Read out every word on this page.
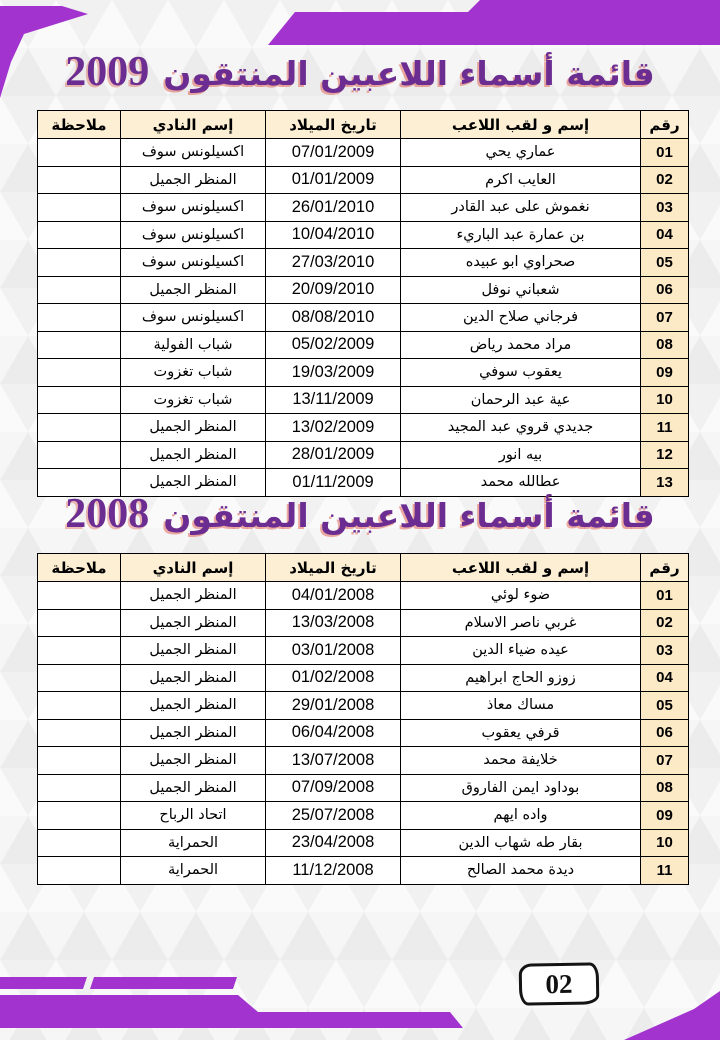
قائمة أسماء اللاعبين المنتقون
2009
رقم	إسم و لقب اللاعب	تاريخ الميلاد	إسم النادي	ملاحظة
01	عماري يحي	07/01/2009	اكسيلونس سوف	
02	العايب اكرم	01/01/2009	المنظر الجميل	
03	نغموش على عبد القادر	26/01/2010	اكسيلونس سوف	
04	بن عمارة عبد الباريء	10/04/2010	اكسيلونس سوف	
05	صحراوي ابو عبيده	27/03/2010	اكسيلونس سوف	
06	شعباني نوفل	20/09/2010	المنظر الجميل	
07	فرجاني صلاح الدين	08/08/2010	اكسيلونس سوف	
08	مراد محمد رياض	05/02/2009	شباب الفولية	
09	يعقوب سوفي	19/03/2009	شباب تغزوت	
10	عية عبد الرحمان	13/11/2009	شباب تغزوت	
11	جديدي قروي عبد المجيد	13/02/2009	المنظر الجميل	
12	بيه انور	28/01/2009	المنظر الجميل	
13	عطالله محمد	01/11/2009	المنظر الجميل	
قائمة أسماء اللاعبين المنتقون
2008
رقم	إسم و لقب اللاعب	تاريخ الميلاد	إسم النادي	ملاحظة
01	ضوء لوئي	04/01/2008	المنظر الجميل	
02	غربي ناصر الاسلام	13/03/2008	المنظر الجميل	
03	عيده ضياء الدين	03/01/2008	المنظر الجميل	
04	زوزو الحاج ابراهيم	01/02/2008	المنظر الجميل	
05	مساك معاذ	29/01/2008	المنظر الجميل	
06	قرفي يعقوب	06/04/2008	المنظر الجميل	
07	خلايفة محمد	13/07/2008	المنظر الجميل	
08	بوداود ايمن الفاروق	07/09/2008	المنظر الجميل	
09	واده ايهم	25/07/2008	اتحاد الرباح	
10	بقار طه شهاب الدين	23/04/2008	الحمراية	
11	ديدة محمد الصالح	11/12/2008	الحمراية	
02
